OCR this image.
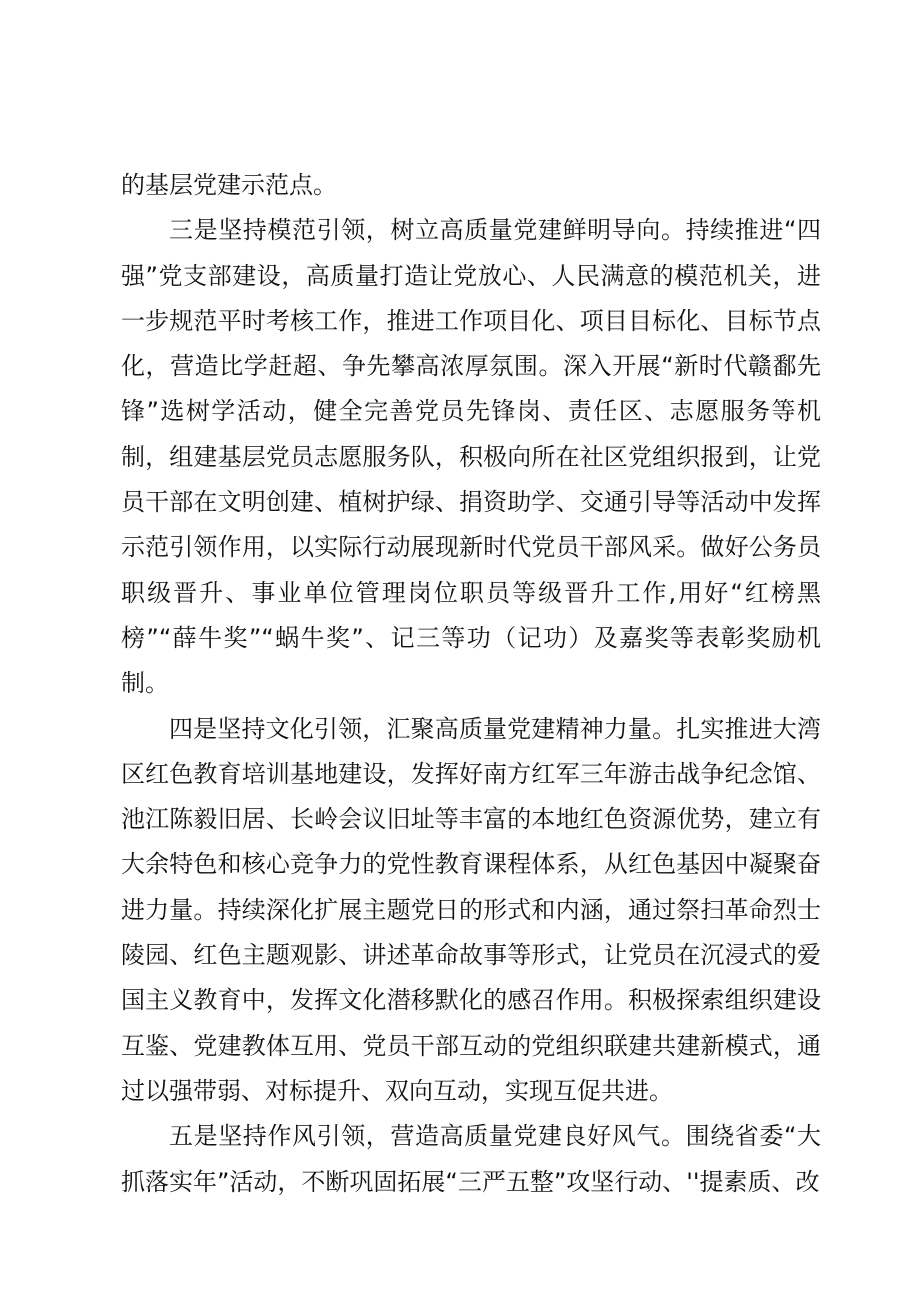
的基层党建示范点。

三是坚持模范引领，树立高质量党建鲜明导向。持续推进“四强”党支部建设，高质量打造让党放心、人民满意的模范机关，进一步规范平时考核工作，推进工作项目化、项目目标化、目标节点化，营造比学赶超、争先攀高浓厚氛围。深入开展“新时代赣鄱先锋”选树学活动，健全完善党员先锋岗、责任区、志愿服务等机制，组建基层党员志愿服务队，积极向所在社区党组织报到，让党员干部在文明创建、植树护绿、捐资助学、交通引导等活动中发挥示范引领作用，以实际行动展现新时代党员干部风采。做好公务员职级晋升、事业单位管理岗位职员等级晋升工作,用好“红榜黑榜”“薛牛奖”“蜗牛奖”、记三等功（记功）及嘉奖等表彰奖励机制。

四是坚持文化引领，汇聚高质量党建精神力量。扎实推进大湾区红色教育培训基地建设，发挥好南方红军三年游击战争纪念馆、池江陈毅旧居、长岭会议旧址等丰富的本地红色资源优势，建立有大余特色和核心竞争力的党性教育课程体系，从红色基因中凝聚奋进力量。持续深化扩展主题党日的形式和内涵，通过祭扫革命烈士陵园、红色主题观影、讲述革命故事等形式，让党员在沉浸式的爱国主义教育中，发挥文化潜移默化的感召作用。积极探索组织建设互鉴、党建教体互用、党员干部互动的党组织联建共建新模式，通过以强带弱、对标提升、双向互动，实现互促共进。

五是坚持作风引领，营造高质量党建良好风气。围绕省委“大抓落实年”活动，不断巩固拓展“三严五整”攻坚行动、''提素质、改
